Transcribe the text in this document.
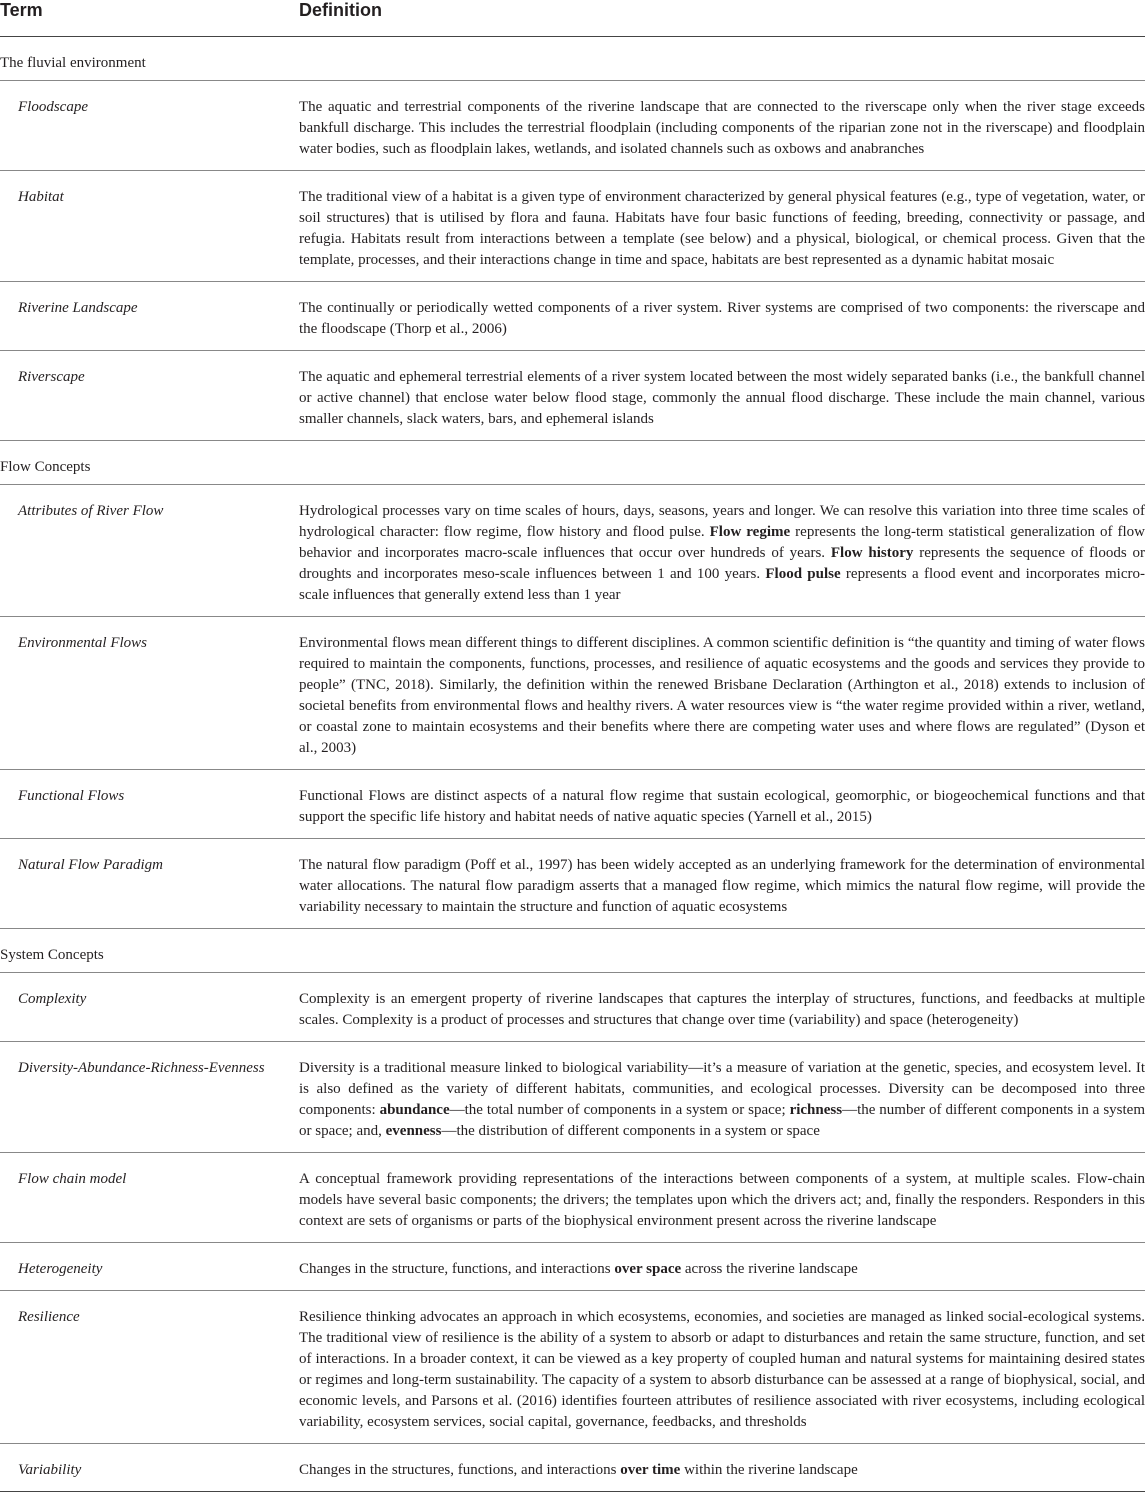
Term	Definition
The fluvial environment	
Floodscape	The aquatic and terrestrial components of the riverine landscape that are connected to the riverscape only when the river stage exceeds bankfull discharge. This includes the terrestrial floodplain (including components of the riparian zone not in the riverscape) and floodplain water bodies, such as floodplain lakes, wetlands, and isolated channels such as oxbows and anabranches
Habitat	The traditional view of a habitat is a given type of environment characterized by general physical features (e.g., type of vegetation, water, or soil structures) that is utilised by flora and fauna. Habitats have four basic functions of feeding, breeding, connectivity or passage, and refugia. Habitats result from interactions between a template (see below) and a physical, biological, or chemical process. Given that the template, processes, and their interactions change in time and space, habitats are best represented as a dynamic habitat mosaic
Riverine Landscape	The continually or periodically wetted components of a river system. River systems are comprised of two components: the riverscape and the floodscape (Thorp et al., 2006)
Riverscape	The aquatic and ephemeral terrestrial elements of a river system located between the most widely separated banks (i.e., the bankfull channel or active channel) that enclose water below flood stage, commonly the annual flood discharge. These include the main channel, various smaller channels, slack waters, bars, and ephemeral islands
Flow Concepts	
Attributes of River Flow	Hydrological processes vary on time scales of hours, days, seasons, years and longer. We can resolve this variation into three time scales of hydrological character: flow regime, flow history and flood pulse. Flow regime represents the long-term statistical generalization of flow behavior and incorporates macro-scale influences that occur over hundreds of years. Flow history represents the sequence of floods or droughts and incorporates meso-scale influences between 1 and 100 years. Flood pulse represents a flood event and incorporates micro-scale influences that generally extend less than 1 year
Environmental Flows	Environmental flows mean different things to different disciplines. A common scientific definition is “the quantity and timing of water flows required to maintain the components, functions, processes, and resilience of aquatic ecosystems and the goods and services they provide to people” (TNC, 2018). Similarly, the definition within the renewed Brisbane Declaration (Arthington et al., 2018) extends to inclusion of societal benefits from environmental flows and healthy rivers. A water resources view is “the water regime provided within a river, wetland, or coastal zone to maintain ecosystems and their benefits where there are competing water uses and where flows are regulated” (Dyson et al., 2003)
Functional Flows	Functional Flows are distinct aspects of a natural flow regime that sustain ecological, geomorphic, or biogeochemical functions and that support the specific life history and habitat needs of native aquatic species (Yarnell et al., 2015)
Natural Flow Paradigm	The natural flow paradigm (Poff et al., 1997) has been widely accepted as an underlying framework for the determination of environmental water allocations. The natural flow paradigm asserts that a managed flow regime, which mimics the natural flow regime, will provide the variability necessary to maintain the structure and function of aquatic ecosystems
System Concepts	
Complexity	Complexity is an emergent property of riverine landscapes that captures the interplay of structures, functions, and feedbacks at multiple scales. Complexity is a product of processes and structures that change over time (variability) and space (heterogeneity)
Diversity-Abundance-Richness-Evenness	Diversity is a traditional measure linked to biological variability—it’s a measure of variation at the genetic, species, and ecosystem level. It is also defined as the variety of different habitats, communities, and ecological processes. Diversity can be decomposed into three components: abundance—the total number of components in a system or space; richness—the number of different components in a system or space; and, evenness—the distribution of different components in a system or space
Flow chain model	A conceptual framework providing representations of the interactions between components of a system, at multiple scales. Flow-chain models have several basic components; the drivers; the templates upon which the drivers act; and, finally the responders. Responders in this context are sets of organisms or parts of the biophysical environment present across the riverine landscape
Heterogeneity	Changes in the structure, functions, and interactions over space across the riverine landscape
Resilience	Resilience thinking advocates an approach in which ecosystems, economies, and societies are managed as linked social-ecological systems. The traditional view of resilience is the ability of a system to absorb or adapt to disturbances and retain the same structure, function, and set of interactions. In a broader context, it can be viewed as a key property of coupled human and natural systems for maintaining desired states or regimes and long-term sustainability. The capacity of a system to absorb disturbance can be assessed at a range of biophysical, social, and economic levels, and Parsons et al. (2016) identifies fourteen attributes of resilience associated with river ecosystems, including ecological variability, ecosystem services, social capital, governance, feedbacks, and thresholds
Variability	Changes in the structures, functions, and interactions over time within the riverine landscape
